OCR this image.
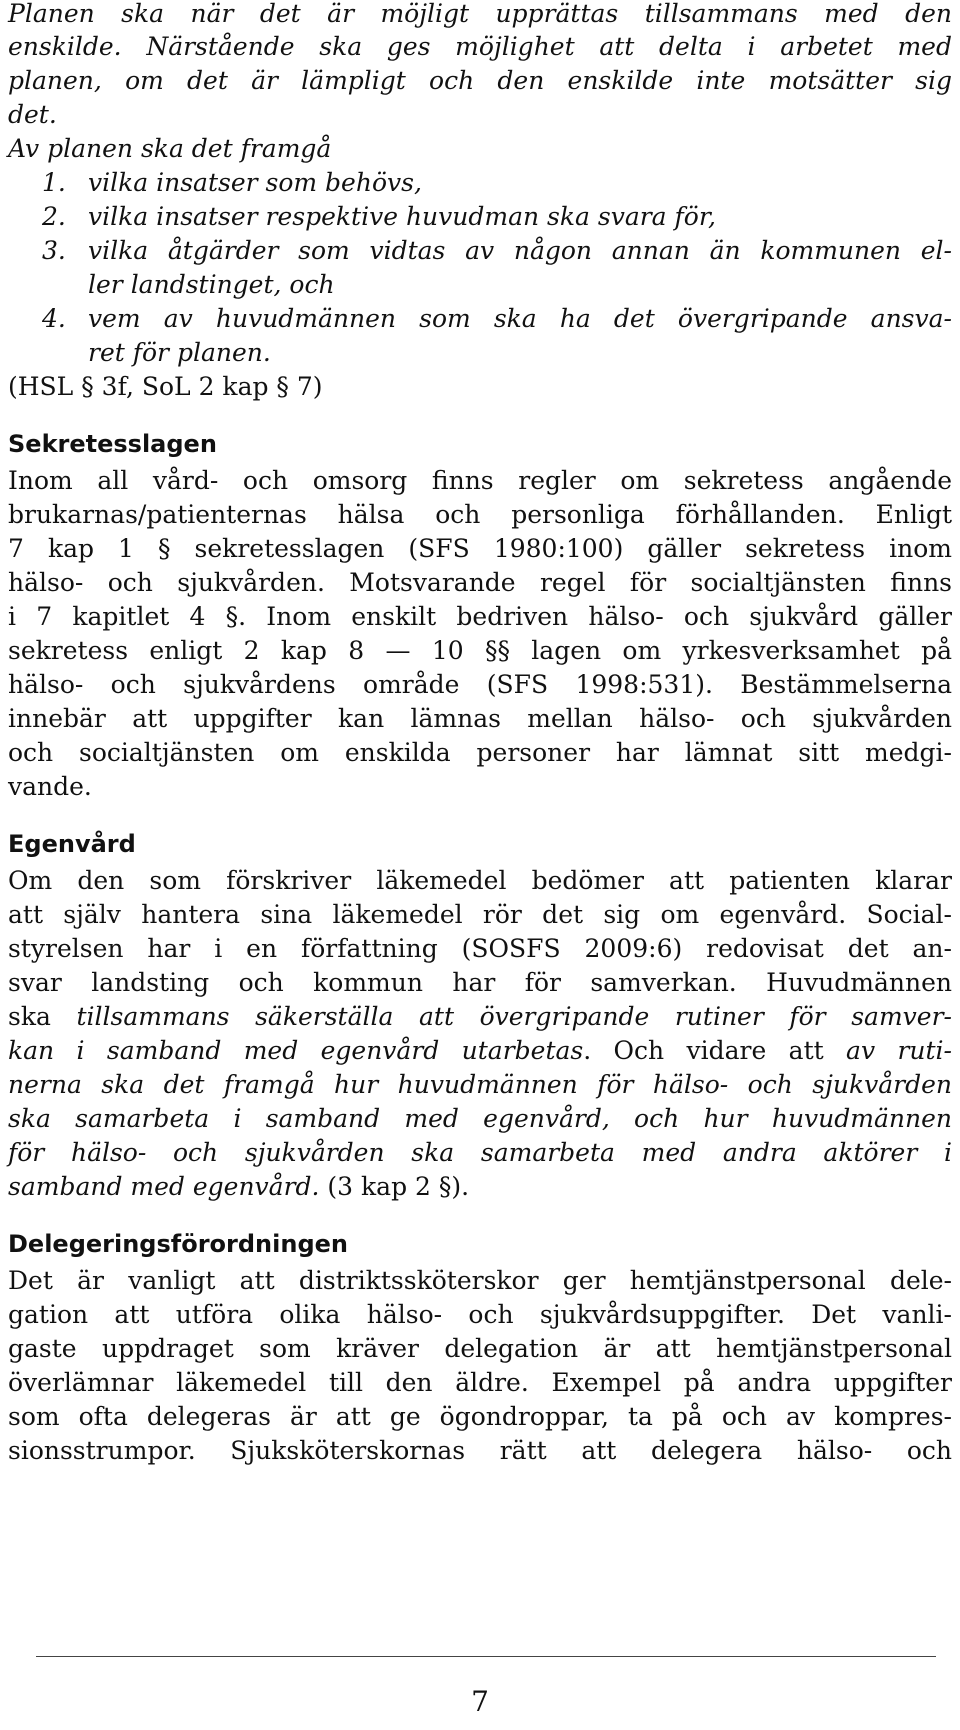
Planen ska när det är möjligt upprättas tillsammans med den
enskilde. Närstående ska ges möjlighet att delta i arbetet med
planen, om det är lämpligt och den enskilde inte motsätter sig
det.
Av planen ska det framgå
1. vilka insatser som behövs,
2. vilka insatser respektive huvudman ska svara för,
3. vilka åtgärder som vidtas av någon annan än kommunen el-
ler landstinget, och
4. vem av huvudmännen som ska ha det övergripande ansva-
ret för planen.
(HSL § 3f, SoL 2 kap § 7)
Sekretesslagen
Inom all vård- och omsorg finns regler om sekretess angående
brukarnas/patienternas hälsa och personliga förhållanden. Enligt
7 kap 1 § sekretesslagen (SFS 1980:100) gäller sekretess inom
hälso- och sjukvården. Motsvarande regel för socialtjänsten finns
i 7 kapitlet 4 §. Inom enskilt bedriven hälso- och sjukvård gäller
sekretess enligt 2 kap 8 — 10 §§ lagen om yrkesverksamhet på
hälso- och sjukvårdens område (SFS 1998:531). Bestämmelserna
innebär att uppgifter kan lämnas mellan hälso- och sjukvården
och socialtjänsten om enskilda personer har lämnat sitt medgi-
vande.
Egenvård
Om den som förskriver läkemedel bedömer att patienten klarar
att själv hantera sina läkemedel rör det sig om egenvård. Social-
styrelsen har i en författning (SOSFS 2009:6) redovisat det an-
svar landsting och kommun har för samverkan. Huvudmännen
ska tillsammans säkerställa att övergripande rutiner för samver-
kan i samband med egenvård utarbetas. Och vidare att av ruti-
nerna ska det framgå hur huvudmännen för hälso- och sjukvården
ska samarbeta i samband med egenvård, och hur huvudmännen
för hälso- och sjukvården ska samarbeta med andra aktörer i
samband med egenvård. (3 kap 2 §).
Delegeringsförordningen
Det är vanligt att distriktssköterskor ger hemtjänstpersonal dele-
gation att utföra olika hälso- och sjukvårdsuppgifter. Det vanli-
gaste uppdraget som kräver delegation är att hemtjänstpersonal
överlämnar läkemedel till den äldre. Exempel på andra uppgifter
som ofta delegeras är att ge ögondroppar, ta på och av kompres-
sionsstrumpor. Sjuksköterskornas rätt att delegera hälso- och
7
